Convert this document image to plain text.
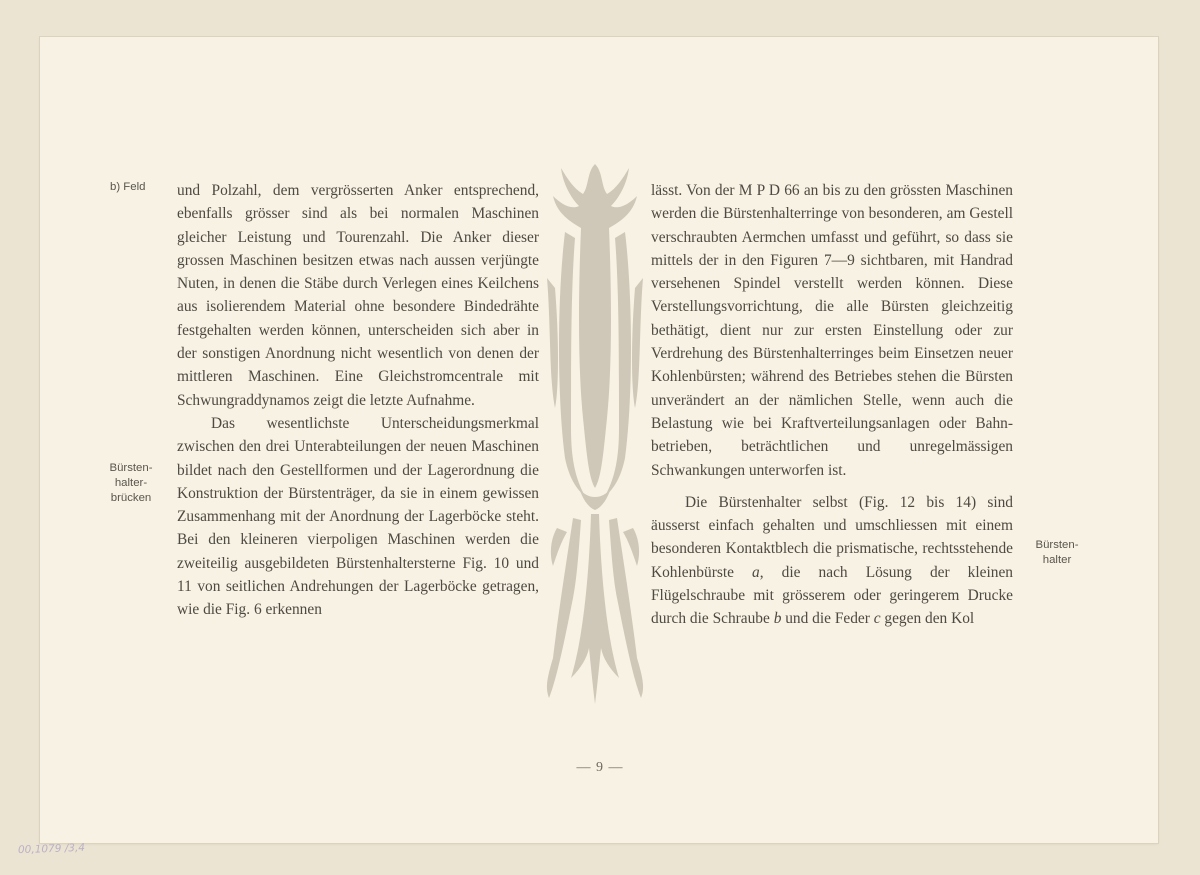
b) Feld
Bürsten-
halter-
brücken
Bürsten-
halter

und Polzahl, dem vergrösserten Anker entsprechend, ebenfalls grösser sind als bei normalen Maschinen gleicher Leistung und Tourenzahl. Die Anker dieser grossen Maschinen besitzen etwas nach aussen verjüngte Nuten, in denen die Stäbe durch Verlegen eines Keilchens aus isolierendem Material ohne besondere Bindedrähte festgehalten werden können, unterscheiden sich aber in der sonstigen Anordnung nicht wesentlich von denen der mittleren Maschinen. Eine Gleichstromcentrale mit Schwungraddynamos zeigt die letzte Aufnahme.

Das wesentlichste Unterscheidungsmerkmal zwischen den drei Unterabteilungen der neuen Maschinen bildet nach den Gestellformen und der Lagerordnung die Konstruktion der Bürstenträger, da sie in einem gewissen Zusammenhang mit der Anordnung der Lagerböcke steht. Bei den kleineren vierpoligen Maschinen werden die zweiteilig ausgebildeten Bürstenhaltersterne Fig. 10 und 11 von seitlichen Andrehungen der Lagerböcke getragen, wie die Fig. 6 erkennen

lässt. Von der M P D 66 an bis zu den grössten Maschinen werden die Bürstenhalterringe von besonderen, am Gestell verschraubten Aermchen umfasst und geführt, so dass sie mittels der in den Figuren 7—9 sichtbaren, mit Handrad versehenen Spindel verstellt werden können. Diese Verstellungsvorrichtung, die alle Bürsten gleichzeitig bethätigt, dient nur zur ersten Einstellung oder zur Verdrehung des Bürstenhalterringes beim Einsetzen neuer Kohlenbürsten; während des Betriebes stehen die Bürsten unverändert an der nämlichen Stelle, wenn auch die Belastung wie bei Kraftverteilungsanlagen oder Bahnbetrieben, beträchtlichen und unregelmässigen Schwankungen unterworfen ist.

Die Bürstenhalter selbst (Fig. 12 bis 14) sind äusserst einfach gehalten und umschliessen mit einem besonderen Kontaktblech die prismatische, rechtsstehende Kohlenbürste a, die nach Lösung der kleinen Flügelschraube mit grösserem oder geringerem Drucke durch die Schraube b und die Feder c gegen den Kol

— 9 —
00,1079 /3,4
